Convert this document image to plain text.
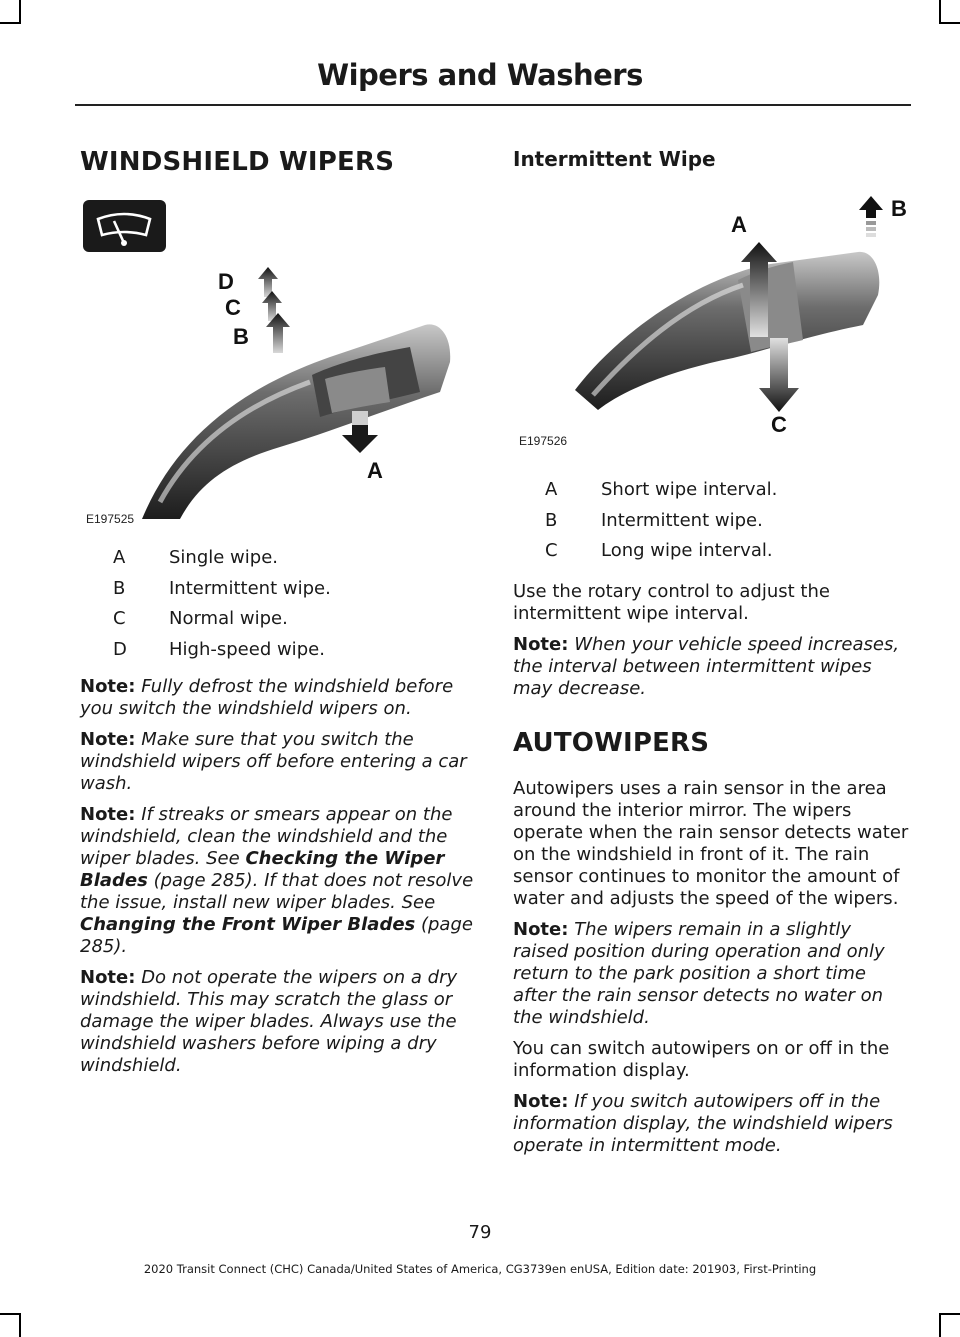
Wipers and Washers
WINDSHIELD WIPERS
D
C
B
A
E197525
A	Single wipe.
B	Intermittent wipe.
C	Normal wipe.
D	High-speed wipe.

Note: Fully defrost the windshield before you switch the windshield wipers on.

Note: Make sure that you switch the windshield wipers off before entering a car wash.

Note: If streaks or smears appear on the windshield, clean the windshield and the wiper blades. See Checking the Wiper Blades (page 285). If that does not resolve the issue, install new wiper blades. See Changing the Front Wiper Blades (page 285).

Note: Do not operate the wipers on a dry windshield. This may scratch the glass or damage the wiper blades. Always use the windshield washers before wiping a dry windshield.

Intermittent Wipe
A
B
C
E197526
A	Short wipe interval.
B	Intermittent wipe.
C	Long wipe interval.

Use the rotary control to adjust the intermittent wipe interval.

Note: When your vehicle speed increases, the interval between intermittent wipes may decrease.

AUTOWIPERS

Autowipers uses a rain sensor in the area around the interior mirror. The wipers operate when the rain sensor detects water on the windshield in front of it. The rain sensor continues to monitor the amount of water and adjusts the speed of the wipers.

Note: The wipers remain in a slightly raised position during operation and only return to the park position a short time after the rain sensor detects no water on the windshield.

You can switch autowipers on or off in the information display.

Note: If you switch autowipers off in the information display, the windshield wipers operate in intermittent mode.

79
2020 Transit Connect (CHC) Canada/United States of America, CG3739en enUSA, Edition date: 201903, First-Printing
